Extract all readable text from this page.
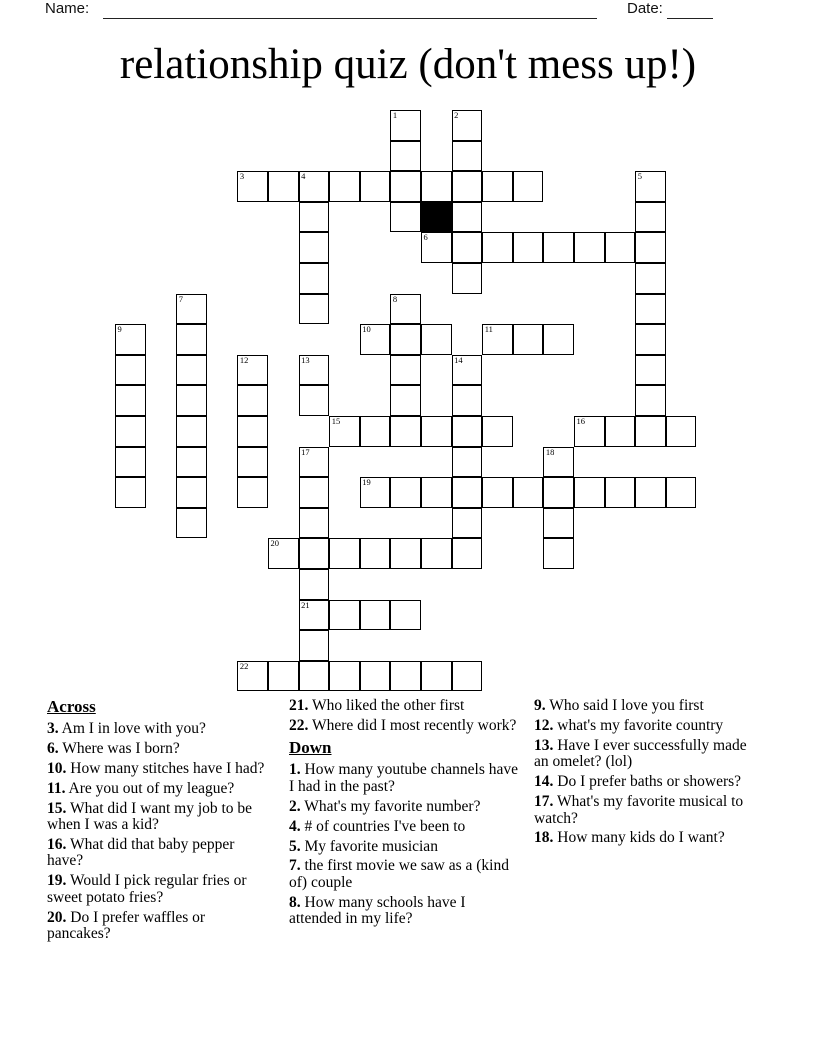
Name:	Date:
relationship quiz (don't mess up!)
1	2
3	4	5
6
7	8
9	10	11
12	13	14
15	16
17	18
19
20
21
22
Across

3. Am I in love with you?

6. Where was I born?

10. How many stitches have I had?

11. Are you out of my league?

15. What did I want my job to be when I was a kid?

16. What did that baby pepper have?

19. Would I pick regular fries or sweet potato fries?

20. Do I prefer waffles or pancakes?

21. Who liked the other first

22. Where did I most recently work?

Down

1. How many youtube channels have I had in the past?

2. What's my favorite number?

4. # of countries I've been to

5. My favorite musician

7. the first movie we saw as a (kind of) couple

8. How many schools have I attended in my life?

9. Who said I love you first

12. what's my favorite country

13. Have I ever successfully made an omelet? (lol)

14. Do I prefer baths or showers?

17. What's my favorite musical to watch?

18. How many kids do I want?
